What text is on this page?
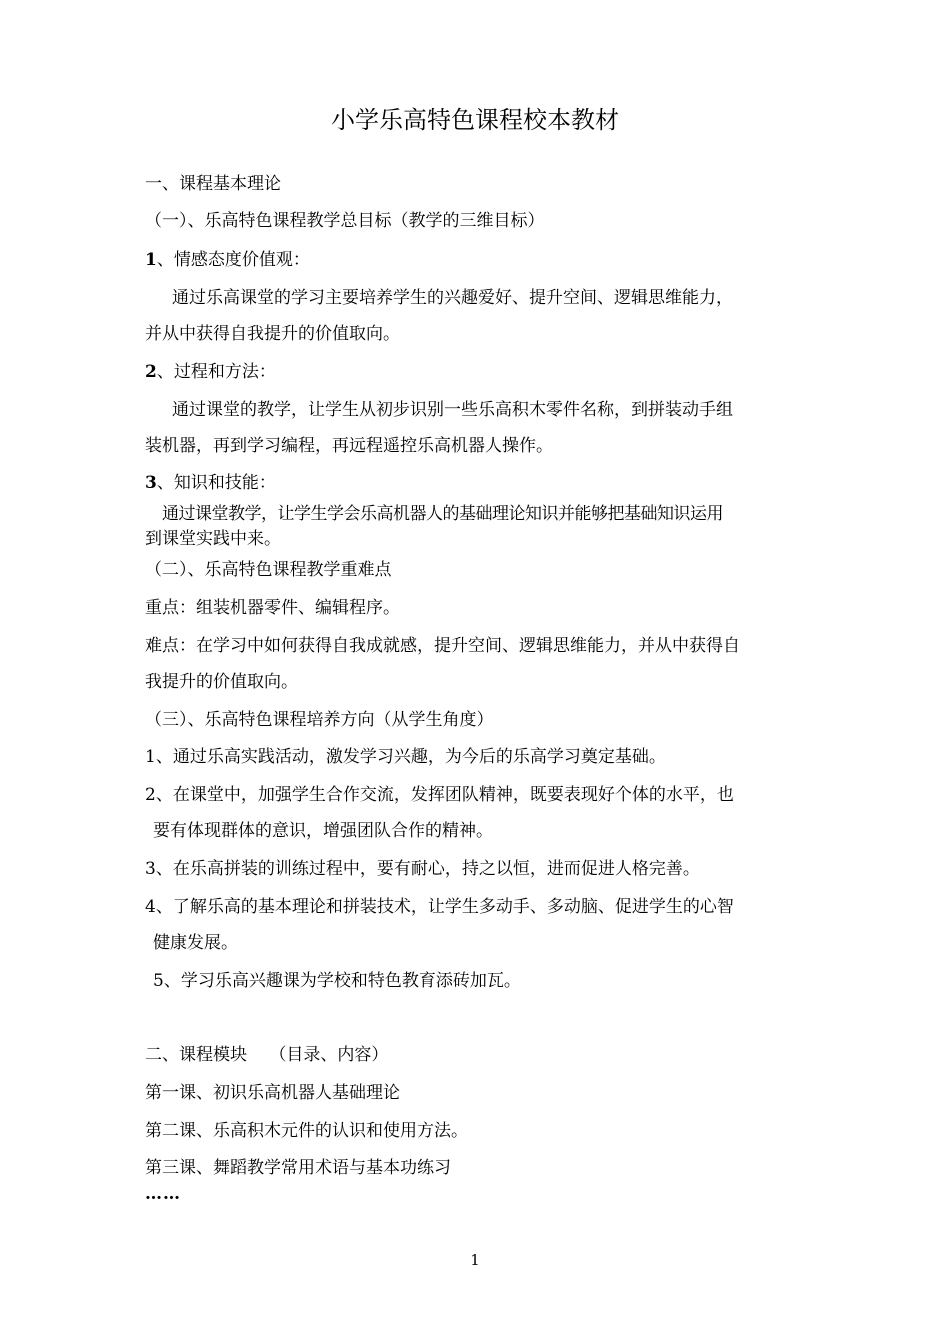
小学乐高特色课程校本教材
一、课程基本理论
（一）、乐高特色课程教学总目标（教学的三维目标）
1、情感态度价值观：
通过乐高课堂的学习主要培养学生的兴趣爱好、提升空间、逻辑思维能力，
并从中获得自我提升的价值取向。
2、过程和方法：
通过课堂的教学，让学生从初步识别一些乐高积木零件名称，到拼装动手组
装机器，再到学习编程，再远程遥控乐高机器人操作。
3、知识和技能：
通过课堂教学，让学生学会乐高机器人的基础理论知识并能够把基础知识运用
到课堂实践中来。
（二）、乐高特色课程教学重难点
重点：组装机器零件、编辑程序。
难点：在学习中如何获得自我成就感，提升空间、逻辑思维能力，并从中获得自
我提升的价值取向。
（三）、乐高特色课程培养方向（从学生角度）
1、通过乐高实践活动，激发学习兴趣，为今后的乐高学习奠定基础。
2、在课堂中，加强学生合作交流，发挥团队精神，既要表现好个体的水平，也
要有体现群体的意识，增强团队合作的精神。
3、在乐高拼装的训练过程中，要有耐心，持之以恒，进而促进人格完善。
4、了解乐高的基本理论和拼装技术，让学生多动手、多动脑、促进学生的心智
健康发展。
5、学习乐高兴趣课为学校和特色教育添砖加瓦。
二、课程模块　 （目录、内容）
第一课、初识乐高机器人基础理论
第二课、乐高积木元件的认识和使用方法。
第三课、舞蹈教学常用术语与基本功练习
……
1
